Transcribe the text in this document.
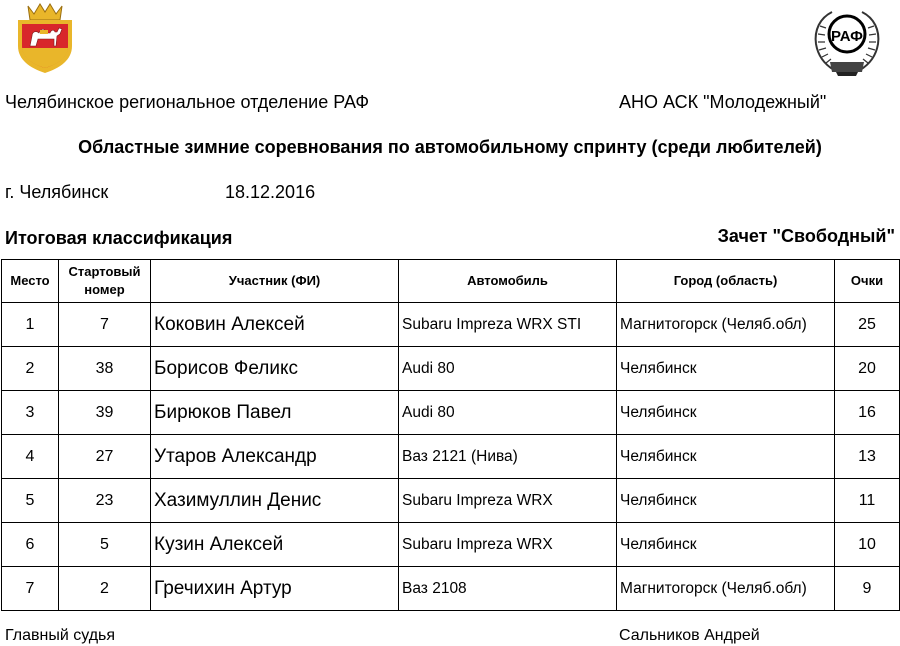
РАФ
Челябинское региональное отделение РАФ	АНО АСК "Молодежный"
Областные зимние соревнования по автомобильному спринту (среди любителей)
г. Челябинск	18.12.2016
Итоговая классификация	Зачет "Свободный"
Место	Стартовый номер	Участник (ФИ)	Автомобиль	Город (область)	Очки
1	7	Коковин Алексей	Subaru Impreza WRX STI	Магнитогорск (Челяб.обл)	25
2	38	Борисов Феликс	Audi 80	Челябинск	20
3	39	Бирюков Павел	Audi 80	Челябинск	16
4	27	Утаров Александр	Ваз 2121 (Нива)	Челябинск	13
5	23	Хазимуллин Денис	Subaru Impreza WRX	Челябинск	11
6	5	Кузин Алексей	Subaru Impreza WRX	Челябинск	10
7	2	Гречихин Артур	Ваз 2108	Магнитогорск (Челяб.обл)	9
Главный судья	Сальников Андрей
